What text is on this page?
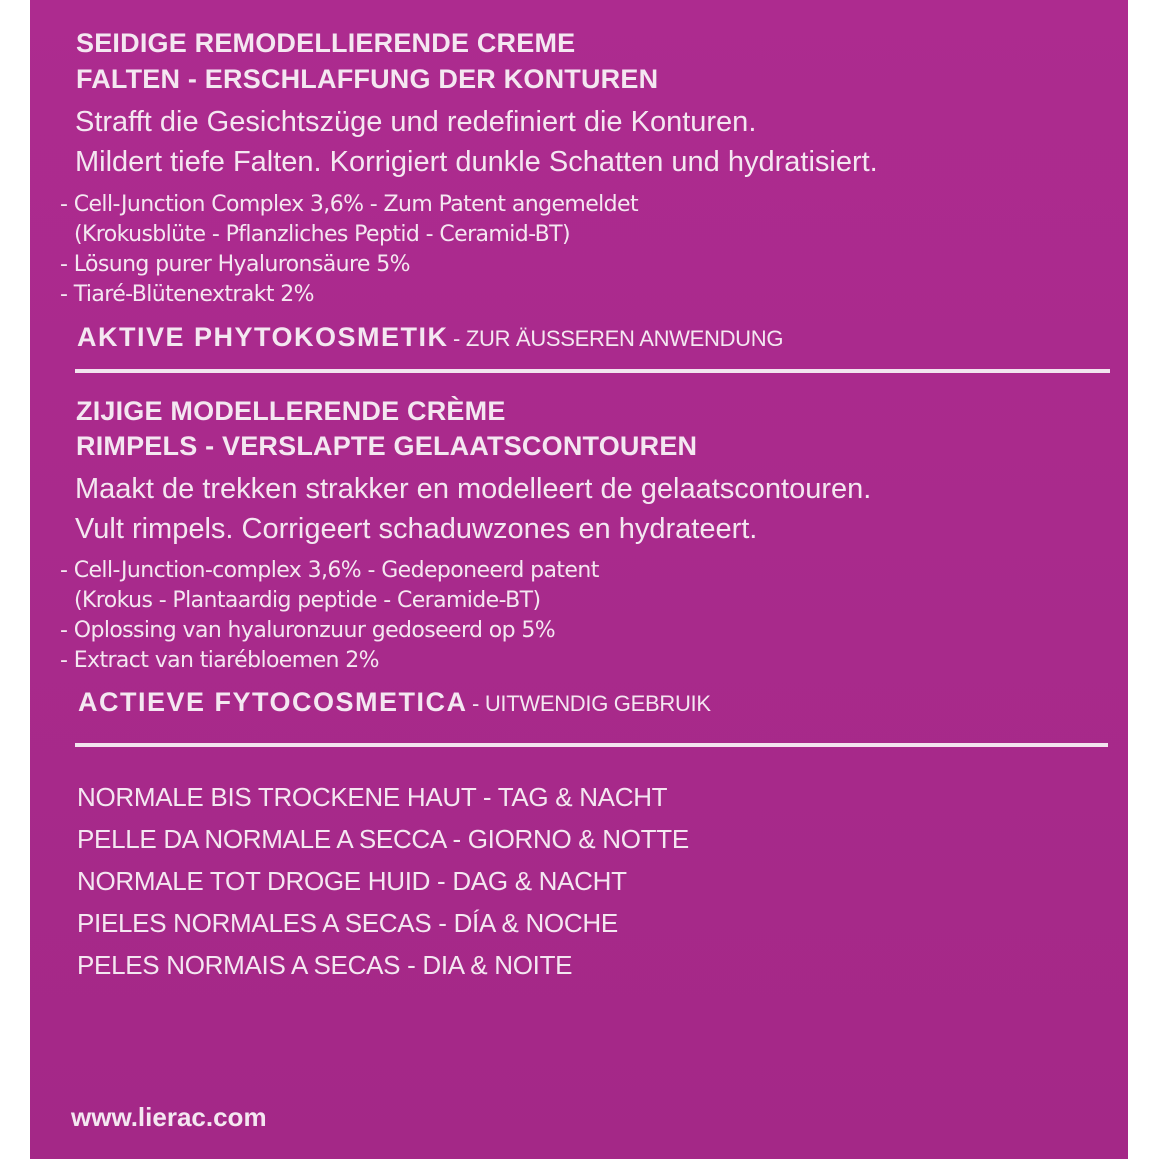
SEIDIGE REMODELLIERENDE CREME

FALTEN - ERSCHLAFFUNG DER KONTUREN

Strafft die Gesichtszüge und redefiniert die Konturen.

Mildert tiefe Falten. Korrigiert dunkle Schatten und hydratisiert.

- Cell-Junction Complex 3,6% - Zum Patent angemeldet

(Krokusblüte - Pflanzliches Peptid - Ceramid-BT)

- Lösung purer Hyaluronsäure 5%

- Tiaré-Blütenextrakt 2%

AKTIVE PHYTOKOSMETIK - ZUR ÄUSSEREN ANWENDUNG

ZIJIGE MODELLERENDE CRÈME

RIMPELS - VERSLAPTE GELAATSCONTOUREN

Maakt de trekken strakker en modelleert de gelaatscontouren.

Vult rimpels. Corrigeert schaduwzones en hydrateert.

- Cell-Junction-complex 3,6% - Gedeponeerd patent

(Krokus - Plantaardig peptide - Ceramide-BT)

- Oplossing van hyaluronzuur gedoseerd op 5%

- Extract van tiarébloemen 2%

ACTIEVE FYTOCOSMETICA - UITWENDIG GEBRUIK

NORMALE BIS TROCKENE HAUT - TAG & NACHT

PELLE DA NORMALE A SECCA - GIORNO & NOTTE

NORMALE TOT DROGE HUID - DAG & NACHT

PIELES NORMALES A SECAS - DÍA & NOCHE

PELES NORMAIS A SECAS - DIA & NOITE

www.lierac.com
